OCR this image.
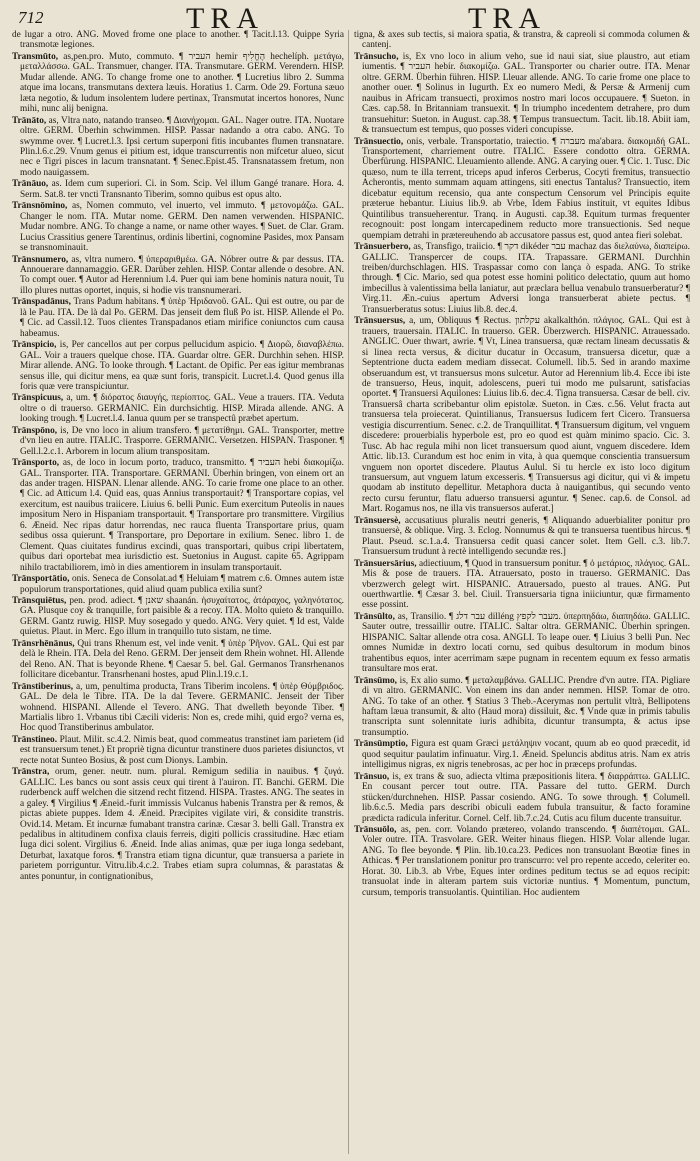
712	TRA	TRA
de lugar a otro. ANG. Moved frome one place to another. ¶ Tacit.l.13. Quippe Syria transmotæ legiones.
Transmūto, as,pen.pro. Muto, commuto. ¶ העביר hemir הֶחֱלִיף hechelíph. μετάγω, μεταλλάσσω. GAL. Transmuer, changer. ITA. Transmutare. GERM. Verendern. HISP. Mudar allende. ANG. To change frome one to another. ¶ Lucretius libro 2. Summa atque ima locans, transmutans dextera læuis. Horatius 1. Carm. Ode 29. Fortuna sæuo læta negotio, & ludum insolentem ludere pertinax, Transmutat incertos honores, Nunc mihi, nunc alij benigna.
Trānāto, as, Vltra nato, natando transeo. ¶ Διανήχομαι. GAL. Nager outre. ITA. Nuotare oltre. GERM. Überhin schwimmen. HISP. Passar nadando a otra cabo. ANG. To swymme over. ¶ Lucret.l.3. Ipsi certum superponi fitis incubantes flumen transnatare. Plin.l.6.c.29. Vnum genus ei pitium est, idque transcurrentis non mifcetur alueo, sicut nec e Tigri pisces in lacum transnatant. ¶ Senec.Epist.45. Transnatassem fretum, non modo nauigassem.
Trānāuo, as. Idem cum superiori. Ci. in Som. Scip. Vel illum Gangé tranare. Hora. 4. Serm. Sat.8. ter vncti Transnanto Tiberim, somno quibus est opus alto.
Trānsnōmino, as, Nomen commuto, vel inuerto, vel immuto. ¶ μετονομάζω. GAL. Changer le nom. ITA. Mutar nome. GERM. Den namen verwenden. HISPANIC. Mudar nombre. ANG. To change a name, or name other wayes. ¶ Suet. de Clar. Gram. Lucius Crassitius genere Tarentinus, ordinis libertini, cognomine Pasides, mox Pansam se transnominauit.
Trānsnumero, as, vltra numero. ¶ ὑπεραριθμέω. GA. Nóbrer outre & par dessus. ITA. Annouerare dannamaggio. GER. Darüber zehlen. HISP. Contar allende o desobre. AN. To compt ouer. ¶ Autor ad Herennium l.4. Puer qui iam bene hominis natura nouit, Tu illo plures nuttas oportet, inquis, si hodie vis transnumerari.
Trānspadānus, Trans Padum habitans. ¶ ὑπὲρ Ἠριδανοῦ. GAL. Qui est outre, ou par de là le Pau. ITA. De là dal Po. GERM. Das jenseit dem fluß Po ist. HISP. Allende el Po. ¶ Cic. ad Cassil.12. Tuos clientes Transpadanos etiam mirifice coniunctos cum causa habeamus.
Trānspicio, is, Per cancellos aut per corpus pellucidum aspicio. ¶ Διορῶ, διαναβλέπω. GAL. Voir a trauers quelque chose. ITA. Guardar oltre. GER. Durchhin sehen. HISP. Mirar allende. ANG. To looke through. ¶ Lactant. de Opific. Per eas igitur membranas sensus ille, qui dicitur mens, ea quæ sunt foris, transpicit. Lucret.l.4. Quod genus illa foris quæ vere transpiciuntur.
Trānspicuus, a, um. ¶ διόρατος διαυγής, περίοπτος. GAL. Veue a trauers. ITA. Veduta oltre o di trauerso. GERMANIC. Ein durchsichtig. HISP. Mirada allende. ANG. A looking trough. ¶ Lucret.l.4. Ianua quum per se transpectû præbet apertum.
Trānspōno, is, De vno loco in alium transfero. ¶ μετατίθημι. GAL. Transporter, mettre d'vn lieu en autre. ITALIC. Trasporre. GERMANIC. Versetzen. HISPAN. Trasponer. ¶ Gell.l.2.c.1. Arborem in locum alium transpositam.
Trānsporto, as, de loco in locum porto, traduco, transmitto. ¶ העביר hebi διακομίζω. GAL. Transporter. ITA. Transportare. GERMANI. Überhin bringen, von einem ort an das ander tragen. HISPAN. Llenar allende. ANG. To carie frome one place to an other. ¶ Cic. ad Atticum l.4. Quid eas, quas Annius transportauit? ¶ Transportare copias, vel exercitum, est nauibus traiicere. Liuius 6. belli Punic. Eum exercitum Puteolis in naues impositum Nero in Hispaniam transportauit. ¶ Transportare pro transmittere. Virgilius 6. Æneid. Nec ripas datur horrendas, nec rauca fluenta Transportare prius, quam sedibus ossa quierunt. ¶ Transportare, pro Deportare in exilium. Senec. libro 1. de Clement. Quas ciuitates fundirus excindi, quas transportari, quibus cripi libertatem, quibus dari oportebat mea iurisdictio est. Suetonius in August. capite 65. Agrippam nihilo tractabiliorem, imò in dies amentiorem in insulam transportauit.
Trānsportātio, onis. Seneca de Consolat.ad ¶ Heluiam ¶ matrem c.6. Omnes autem istæ populorum transportationes, quid aliud quam publica exilia sunt?
Trānsquiētus, pen. prod. adiect. ¶ שאנן shaanán. ἡσυχαίτατος, ἀτάραχος, γαληνότατος. GA. Plusque coy & tranquille, fort paisible & a recoy. ITA. Molto quieto & tranquillo. GERM. Gantz ruwig. HISP. Muy sosegado y quedo. ANG. Very quiet. ¶ Id est, Valde quietus. Plaut. in Merc. Ego illum in tranquillo tuto sistam, ne time.
Trānsrhēnānus, Qui trans Rhenum est, vel inde venit. ¶ ὑπὲρ Ῥῆνον. GAL. Qui est par delà le Rhein. ITA. Dela del Reno. GERM. Der jenseit dem Rhein wohnet. HI. Allende del Reno. AN. That is beyonde Rhene. ¶ Caesar 5. bel. Gal. Germanos Transrhenanos follicitare dicebantur. Transrhenani hostes, apud Plin.l.19.c.1.
Trānstiberinus, a, um, penultima producta, Trans Tiberim incolens. ¶ ὑπὲρ Θύμβριδος. GAL. De dela le Tibre. ITA. De la dal Tevere. GERMANIC. Jenseit der Tiber wohnend. HISPANI. Allende el Tevero. ANG. That dwelleth beyonde Tiber. ¶ Martialis libro 1. Vrbanus tibi Cæcili videris: Non es, crede mihi, quid ergo? verna es, Hoc quod Transtiberinus ambulator.
Trānstineo. Plaut. Milit. sc.4.2. Nimis beat, quod commeatus transtinet iam parietem (id est transuersum tenet.) Et propriè tigna dicuntur transtinere duos parietes disiunctos, vt recte notat Sunteo Bosius, & post cum Dionys. Lambin.
Trānstra, orum, gener. neutr. num. plural. Remigum sedilia in nauibus. ¶ ζυγά. GALLIC. Les bancs ou sont assis ceux qui tirent à l'auiron. IT. Banchi. GERM. Die ruderbenck auff welchen die sitzend recht fitzend. HISPA. Trastes. ANG. The seates in a galey. ¶ Virgilius ¶ Æneid.-furit immissis Vulcanus habenis Transtra per & remos, & pictas abiete puppes. Idem 4. Æneid. Præcipites vigilate viri, & considite transtris. Ovid.14. Metam. Et incurnæ fumabant transtra carinæ. Cæsar 3. belli Gall. Transtra ex pedalibus in altitudinem confixa clauis ferreis, digiti pollicis crassitudine. Hæc etiam Iuga dici solent. Virgilius 6. Æneid. Inde alias animas, quæ per iuga longa sedebant, Deturbat, laxatque foros. ¶ Transtra etiam tigna dicuntur, quæ transuersa a pariete in parietem porriguntur. Vitru.lib.4.c.2. Trabes etiam supra columnas, & parastatas & antes ponuntur, in contignationibus,
tigna, & axes sub tectis, si maiora spatia, & transtra, & capreoli si commoda columen & cantenj.
Trānsucho, is, Ex vno loco in alium veho, sue id naui siat, siue plaustro, aut etiam iumentis. ¶ העביר hebír. διακομίζω. GAL. Transporter ou charier outre. ITA. Menar oltre. GERM. Überhin führen. HISP. Lleuar allende. ANG. To carie frome one place to another ouer. ¶ Solinus in Iugurth. Ex eo numero Medi, & Persæ & Armenij cum nauibus in Africam transuecti, proximos nostro mari locos occupauere. ¶ Sueton. in Cæs. cap.58. In Britanniam transuexit. ¶ In triumpho incedentem detrahere, pro dum transuehitur: Sueton. in August. cap.38. ¶ Tempus transuectum. Tacit. lib.18. Abiit iam, & transuectum est tempus, quo posses videri concupisse.
Trānsuectio, onis, verbale. Transportatio, traiectio. ¶ מעברה ma'abara. διακομιδή GAL. Transportement, charriement outre. ITALIC. Essere condotto oltra. GERMA. Überfürung. HISPANIC. Lleuamiento allende. ANG. A carying ouer. ¶ Cic. 1. Tusc. Dic quæso, num te illa terrent, triceps apud inferos Cerberus, Cocyti fremitus, transuectio Acherontis, mento summam aquam attingens, siti enectus Tantalus? Transuectio, item dicebatur equitum recensio, qua ante conspectum Censorum vel Principis equite præterue hebantur. Liuius lib.9. ab Vrbe, Idem Fabius instituit, vt equites Idibus Quintilibus transueherentur. Tranq. in Augusti. cap.38. Equitum turmas frequenter recognouit: post longam intercapedinem reducto more transuectionis. Sed neque quempiam detrahi in prætereuhendo ab accusatore passus est, quod antea fieri solebat.
Trānsuerbero, as, Transfigo, traiicio. ¶ דקר dikéder עבר machaz das διελαύνω, διαπείρω. GALLIC. Transpercer de coups. ITA. Trapassare. GERMANI. Durchhin treiben/durchschlagen. HIS. Traspassar como con lança ò espada. ANG. To strike through. ¶ Cic. Mario, sed qua potest esse homini politico delectatio, quum aut homo imbecillus à valentissima bella laniatur, aut præclara bellua venabulo transuerberatur? ¶ Virg.11. Æn.-cuius apertum Adversi longa transuerberat abiete pectus. ¶ Transuerberatus sotus: Liuius lib.8. dec.4.
Trānsuersus, a, um, Obliquus ¶ Rectus. עקלתון akalkalthón. πλάγιος. GAL. Qui est à trauers, trauersain. ITALIC. In trauerso. GER. Überzwerch. HISPANIC. Atrauessado. ANGLIC. Ouer thwart, awrie. ¶ Vt, Linea transuersa, quæ rectam lineam decussatis & si linea recta versus, & dicitur ducatur in Occasum, transuersa dicetur, quæ a Septentrione ducta eadem mediam dissecat. Columell. lib.5. Sed in arando maxime obseruandum est, vt transuersus mons sulcetur. Autor ad Herennium lib.4. Ecce ibi iste de transuerso, Heus, inquit, adolescens, pueri tui modo me pulsarunt, satisfacias oportet. ¶ Transuersi Aquilones: Liuius lib.6. dec.4. Tigna transuersa. Cæsar de bell. civ. Transuersâ charta scribebantur olim epistolæ. Sueton. in Cæs. c.56. Velut fracta aut transuersa tela proiecerat. Quintilianus, Transuersus Iudicem fert Cicero. Transuersa vestigia discurrentium. Senec. c.2. de Tranquillitat. ¶ Transuersum digitum, vel vnguem discedere: prouerbialis hyperbole est, pro eo quod est quàm minimo spacio. Cic. 3. Tusc. Ab hac regula mihi non licet transuersum quod aiunt, vnguem discedere. Idem Attic. lib.13. Curandum est hoc enim in vita, à qua quemque conscientia transuersum vnguem non oportet discedere. Plautus Aulul. Si tu hercle ex isto loco digitum transuersum, aut vnguem latum excesseris. ¶ Transuersus agi dicitur, qui vi & impetu quodam ab instituto depellitur. Metaphora ducta à nauigantibus, qui secundo vento recto cursu feruntur, flatu aduerso transuersi aguntur. ¶ Senec. cap.6. de Consol. ad Mart. Rogamus nos, ne illa vis transuersos auferat.]
Trānsuersè, accusatiuus pluralis neutri generis, ¶ Aliquando aduerbialiter ponitur pro transuersè, & oblique. Virg. 3. Eclog. Nonnumus & qui te transuersa tuentibus hircus. ¶ Plaut. Pseud. sc.1.a.4. Transuersa cedit quasi cancer solet. Item Gell. c.3. lib.7. Transuersum trudunt à rectè intelligendo secundæ res.]
Trānsuersārius, adiectiuum, ¶ Quod in transuersum ponitur. ¶ ὁ μετάριος, πλάγιος. GAL. Mis & pose de trauers. ITA. Atrauersato, posto in trauerso. GERMANIC. Das vberzwerch gelegt wirt. HISPANIC. Atrauersado, puesto al traues. ANG. Put ouerthwartlie. ¶ Cæsar 3. bel. Ciuil. Transuersaria tigna iniiciuntur, quæ firmamento esse possint.
Trānsūlto, as, Transilio. ¶ עבר דלג dilléng מעבר לקפץ. ὑπερπηδάω, διαπηδάω. GALLIC. Sauter outre, tressaillir outre. ITALIC. Saltar oltra. GERMANIC. Überhin springen. HISPANIC. Saltar allende otra cosa. ANGLI. To leape ouer. ¶ Liuius 3 belli Pun. Nec omnes Numidæ in dextro locati cornu, sed quibus desultorum in modum binos trahentibus equos, inter acerrimam sæpe pugnam in recentem equum ex fesso armatis transultare mos erat.
Trānsūmo, is, Ex alio sumo. ¶ μεταλαμβάνω. GALLIC. Prendre d'vn autre. ITA. Pigliare di vn altro. GERMANIC. Von einem ins dan ander nemmen. HISP. Tomar de otro. ANG. To take of an other. ¶ Statius 3 Theb.-Acerymas non pertulit vltrà, Bellipotens haftam læua transumit, & alto (Haud mora) dissiluit, &c. ¶ Vnde quæ in primis tabulis transcripta sunt solennitate iuris adhibita, dicuntur transumpta, & actus ipse transumptio.
Trānsūmptio, Figura est quam Græci μετάληψιν vocant, quum ab eo quod præcedit, id quod sequitur paulatim infinuatur. Virg.1. Æneid. Speluncis abditus atris. Nam ex atris intelligimus nigras, ex nigris tenebrosas, ac per hoc in præceps profundas.
Trānsuo, is, ex trans & suo, adiecta vltima præpositionis litera. ¶ διαρράπτω. GALLIC. En cousant percer tout outre. ITA. Passare del tutto. GERM. Durch stücken/durchnehen. HISP. Passar cosiendo. ANG. To sowe through. ¶ Columell. lib.6.c.5. Media pars describi obiculi eadem fubula transuitur, & facto foramine prædicta radicula inferitur. Cornel. Celf. lib.7.c.24. Cutis acu filum ducente transuitur.
Trānsuōlo, as, pen. corr. Volando prætereo, volando transcendo. ¶ διαπέτομαι. GAL. Voler outre. ITA. Trasvolare. GER. Weiter hinaus fliegen. HISP. Volar allende lugar. ANG. To flee beyonde. ¶ Plin. lib.10.ca.23. Pedices non transuolant Bœotiæ fines in Athicas. ¶ Per translationem ponitur pro transcurro: vel pro repente accedo, celeriter eo. Horat. 30. Lib.3. ab Vrbe, Eques inter ordines peditum tectus se ad equos recipit: transuolat inde in alteram partem suis victoriæ nuntius. ¶ Momentum, punctum, cursum, temporis transuolantis. Quintilian. Hoc audientem
